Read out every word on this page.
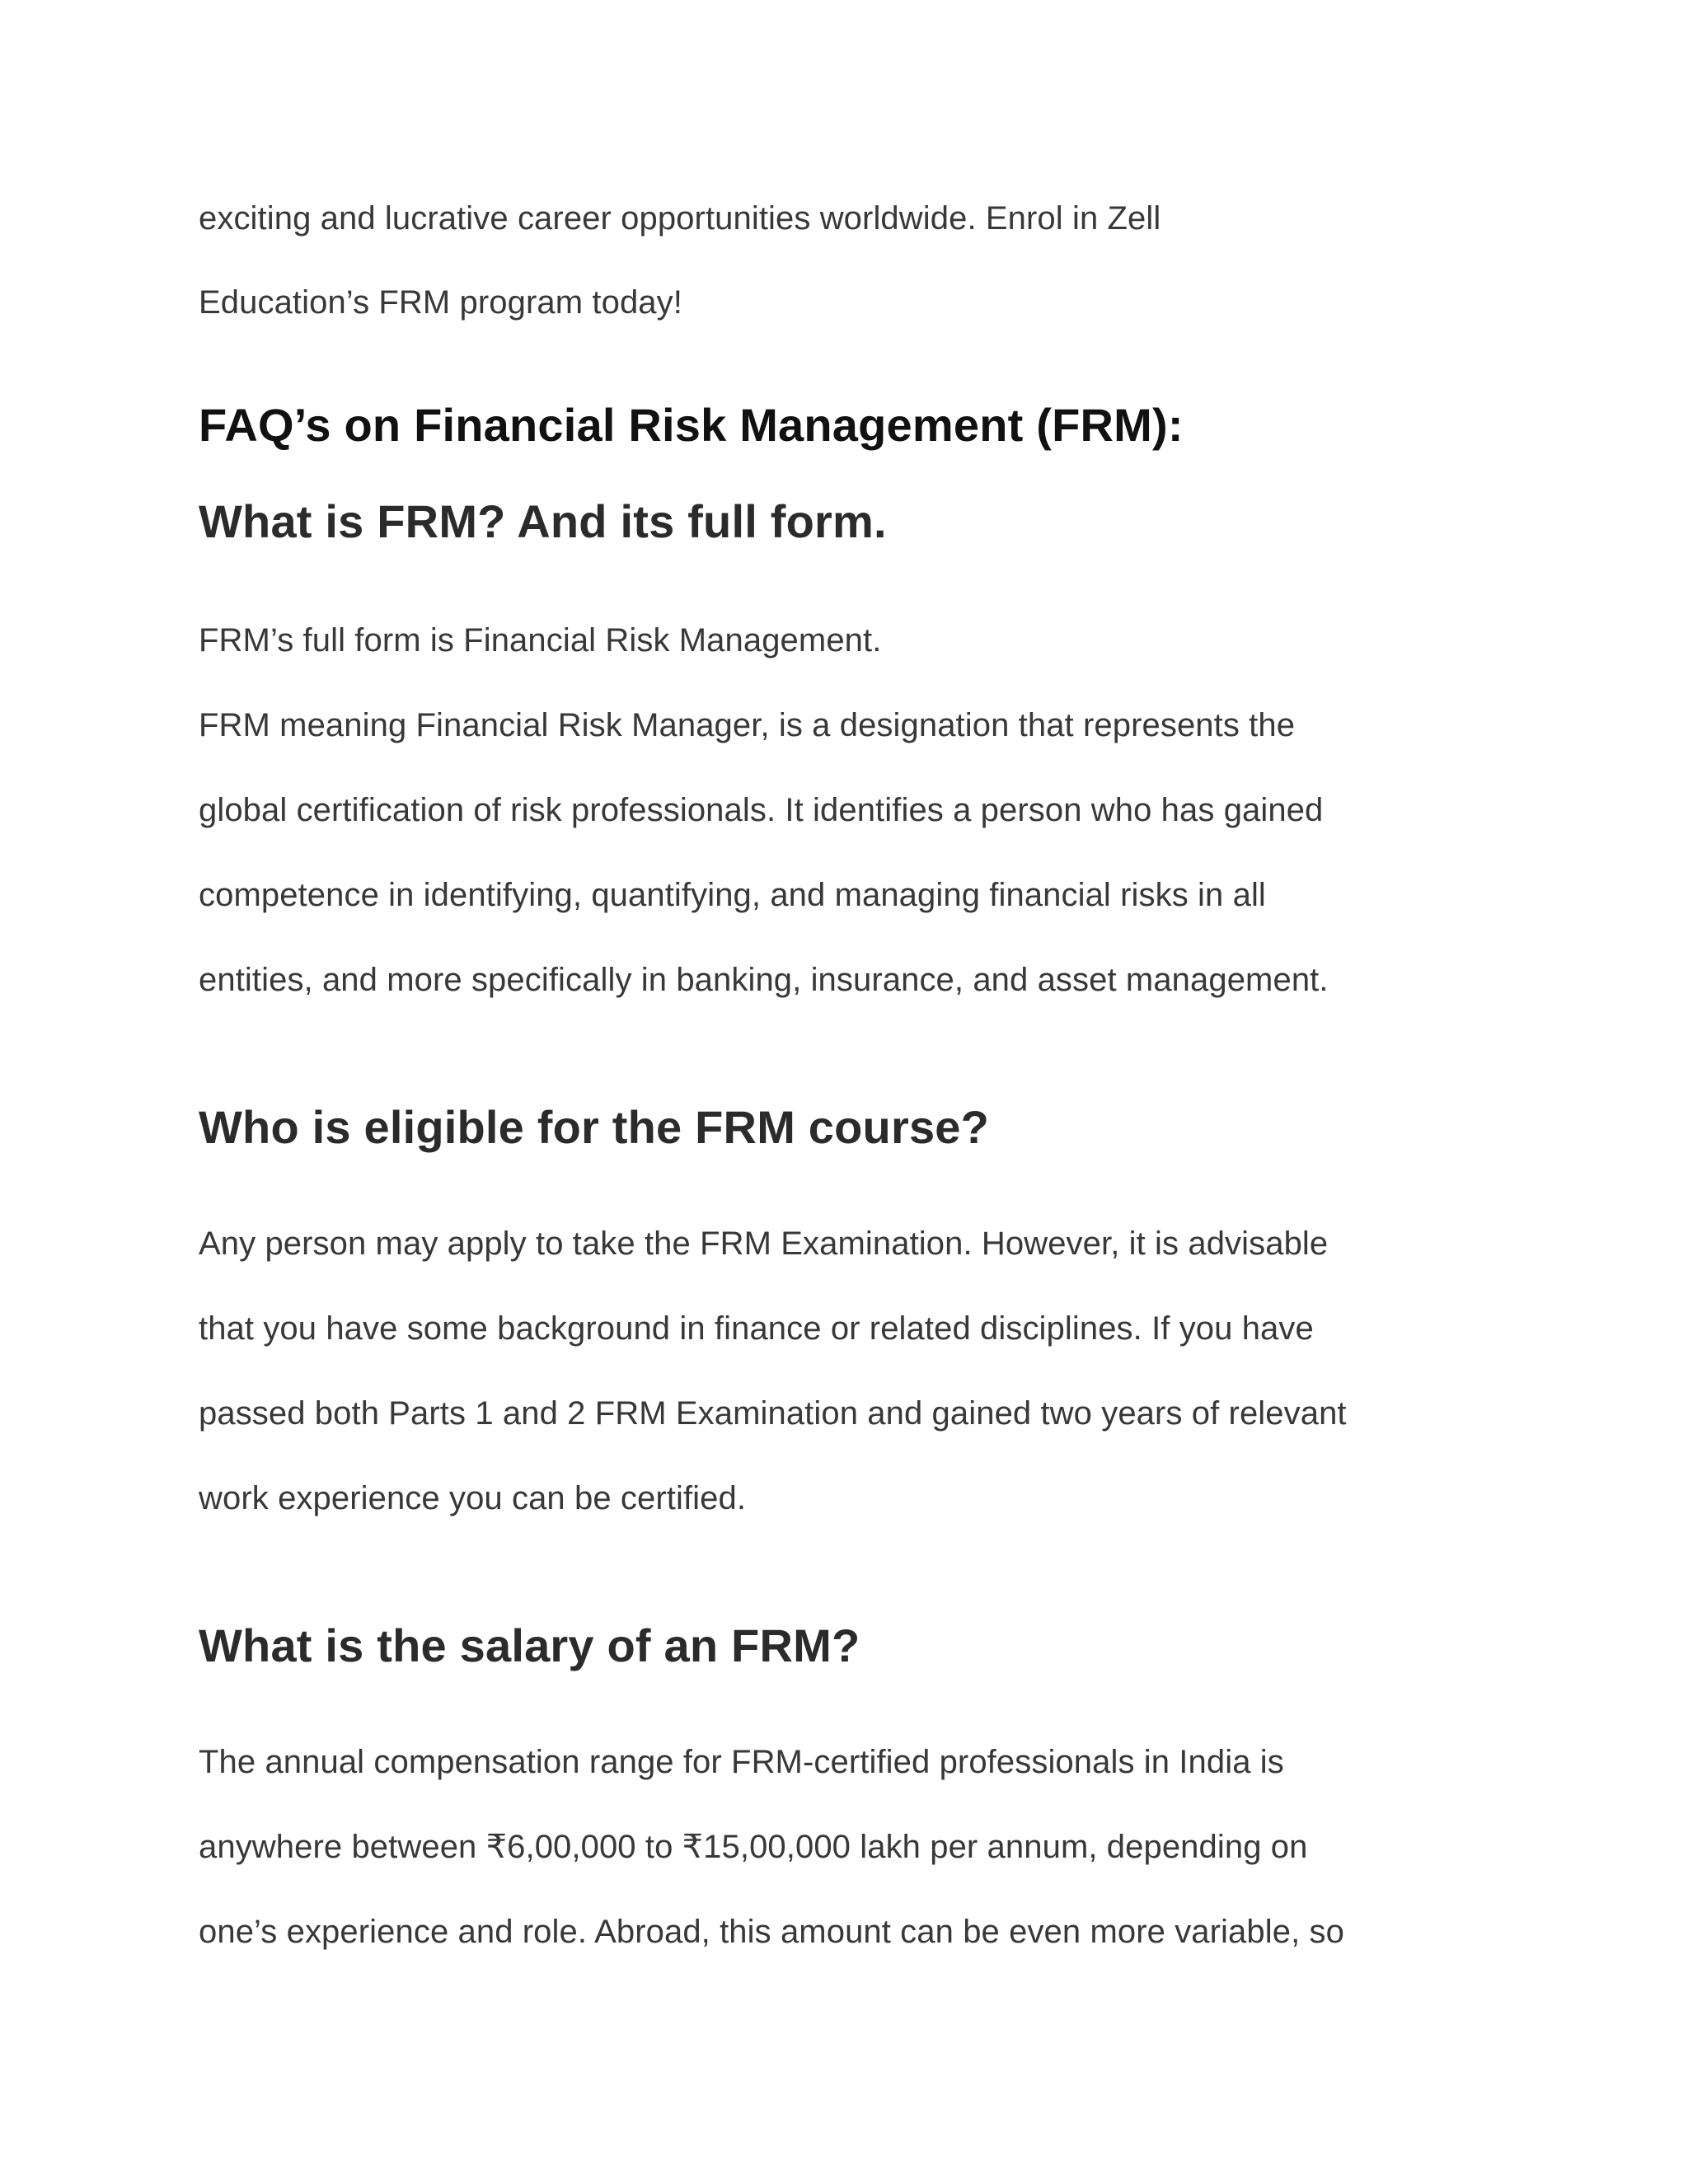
exciting and lucrative career opportunities worldwide. Enrol in Zell
Education’s FRM program today!
FAQ’s on Financial Risk Management (FRM):
What is FRM? And its full form.
FRM’s full form is Financial Risk Management.
FRM meaning Financial Risk Manager, is a designation that represents the
global certification of risk professionals. It identifies a person who has gained
competence in identifying, quantifying, and managing financial risks in all
entities, and more specifically in banking, insurance, and asset management.
Who is eligible for the FRM course?
Any person may apply to take the FRM Examination. However, it is advisable
that you have some background in finance or related disciplines. If you have
passed both Parts 1 and 2 FRM Examination and gained two years of relevant
work experience you can be certified.
What is the salary of an FRM?
The annual compensation range for FRM-certified professionals in India is
anywhere between ₹6,00,000 to ₹15,00,000 lakh per annum, depending on
one’s experience and role. Abroad, this amount can be even more variable, so
